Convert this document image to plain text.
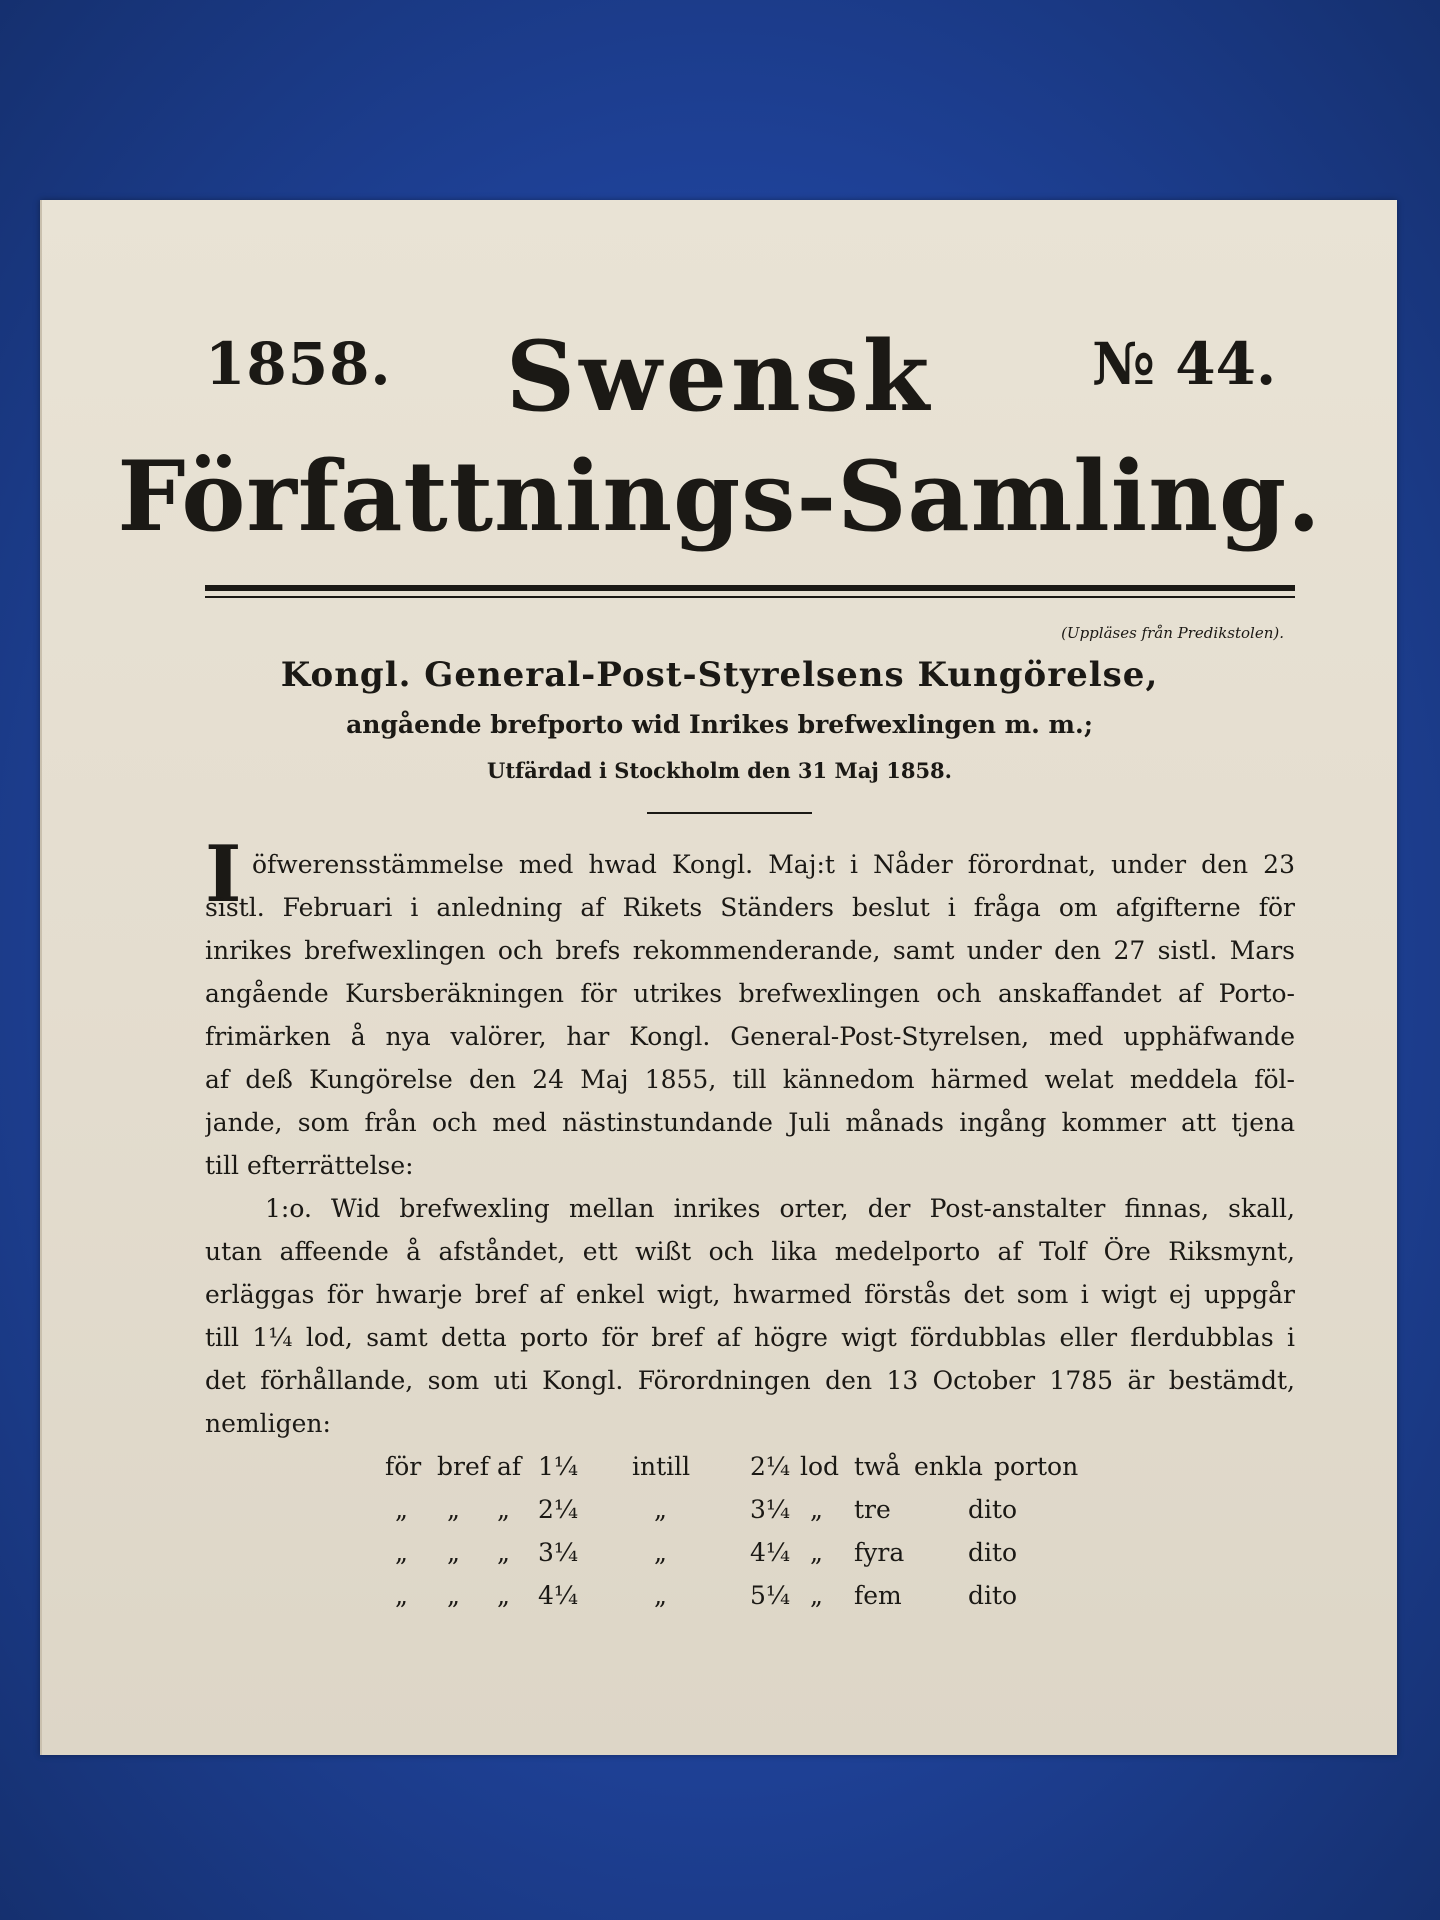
1858.	Swensk	№ 44.
Författnings-Samling.
(Uppläses från Predikstolen).
Kongl. General-Post-Styrelsens Kungörelse,
angående brefporto wid Inrikes brefwexlingen m. m.;
Utfärdad i Stockholm den 31 Maj 1858.
I öfwerensstämmelse med hwad Kongl. Maj:t i Nåder förordnat, under den 23
sistl. Februari i anledning af Rikets Ständers beslut i fråga om afgifterne för
inrikes brefwexlingen och brefs rekommenderande, samt under den 27 sistl. Mars
angående Kursberäkningen för utrikes brefwexlingen och anskaffandet af Porto-
frimärken å nya valörer, har Kongl. General-Post-Styrelsen, med upphäfwande
af deß Kungörelse den 24 Maj 1855, till kännedom härmed welat meddela föl-
jande, som från och med nästinstundande Juli månads ingång kommer att tjena
till efterrättelse:
1:o. Wid brefwexling mellan inrikes orter, der Post-anstalter finnas, skall,
utan affeende å afståndet, ett wißt och lika medelporto af Tolf Öre Riksmynt,
erläggas för hwarje bref af enkel wigt, hwarmed förstås det som i wigt ej uppgår
till 1¼ lod, samt detta porto för bref af högre wigt fördubblas eller flerdubblas i
det förhållande, som uti Kongl. Förordningen den 13 October 1785 är bestämdt,
nemligen:
för bref af 1¼ intill 2¼ lod twå enkla porton
„ „ „ 2¼	„	3¼ „ tre	dito
„ „ „ 3¼	„	4¼ „ fyra	dito
„ „ „ 4¼	„	5¼ „ fem	dito
